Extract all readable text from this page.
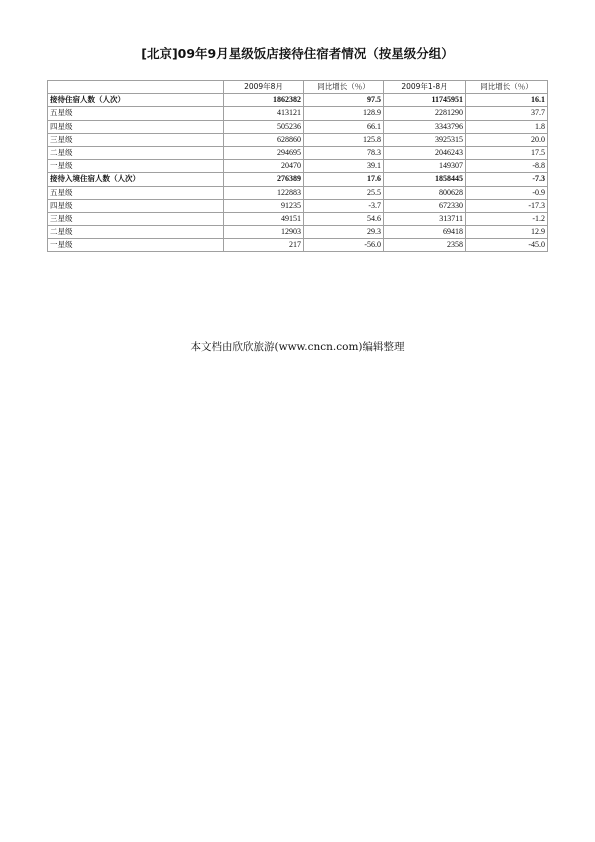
[北京]09年9月星级饭店接待住宿者情况（按星级分组）
	2009年8月	同比增长（％）	2009年1-8月	同比增长（％）
接待住宿人数（人次）	1862382	97.5	11745951	16.1
五星级	413121	128.9	2281290	37.7
四星级	505236	66.1	3343796	1.8
三星级	628860	125.8	3925315	20.0
二星级	294695	78.3	2046243	17.5
一星级	20470	39.1	149307	-8.8
接待入境住宿人数（人次）	276389	17.6	1858445	-7.3
五星级	122883	25.5	800628	-0.9
四星级	91235	-3.7	672330	-17.3
三星级	49151	54.6	313711	-1.2
二星级	12903	29.3	69418	12.9
一星级	217	-56.0	2358	-45.0
本文档由欣欣旅游(www.cncn.com)编辑整理
